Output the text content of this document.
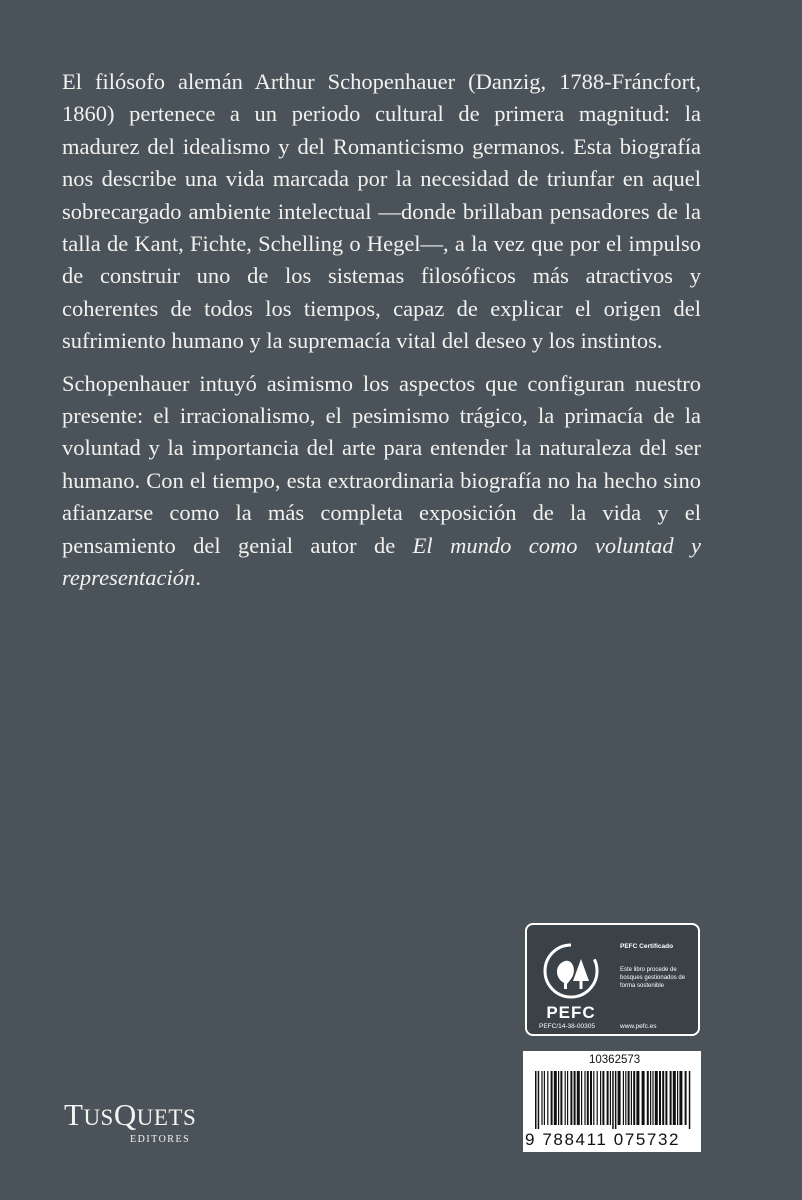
El filósofo alemán Arthur Schopenhauer (Danzig, 1788-Fráncfort, 1860) pertenece a un periodo cultural de primera magnitud: la madurez del idealismo y del Romanticismo germanos. Esta biografía nos describe una vida marcada por la necesidad de triunfar en aquel sobrecargado ambiente intelectual —donde brillaban pensadores de la talla de Kant, Fichte, Schelling o Hegel—, a la vez que por el impulso de construir uno de los sistemas filosóficos más atractivos y coherentes de todos los tiempos, capaz de explicar el origen del sufrimiento humano y la supremacía vital del deseo y los instintos.

Schopenhauer intuyó asimismo los aspectos que configuran nuestro presente: el irracionalismo, el pesimismo trágico, la primacía de la voluntad y la importancia del arte para entender la naturaleza del ser humano. Con el tiempo, esta extraordinaria biografía no ha hecho sino afianzarse como la más completa exposición de la vida y el pensamiento del genial autor de El mundo como voluntad y representación.

PEFC
PEFC/14-38-00305
PEFC Certificado
Este libro procede de bosques gestionados de forma sostenible
www.pefc.es
10362573
9 788411 075732
TUSQUETS
EDITORES
